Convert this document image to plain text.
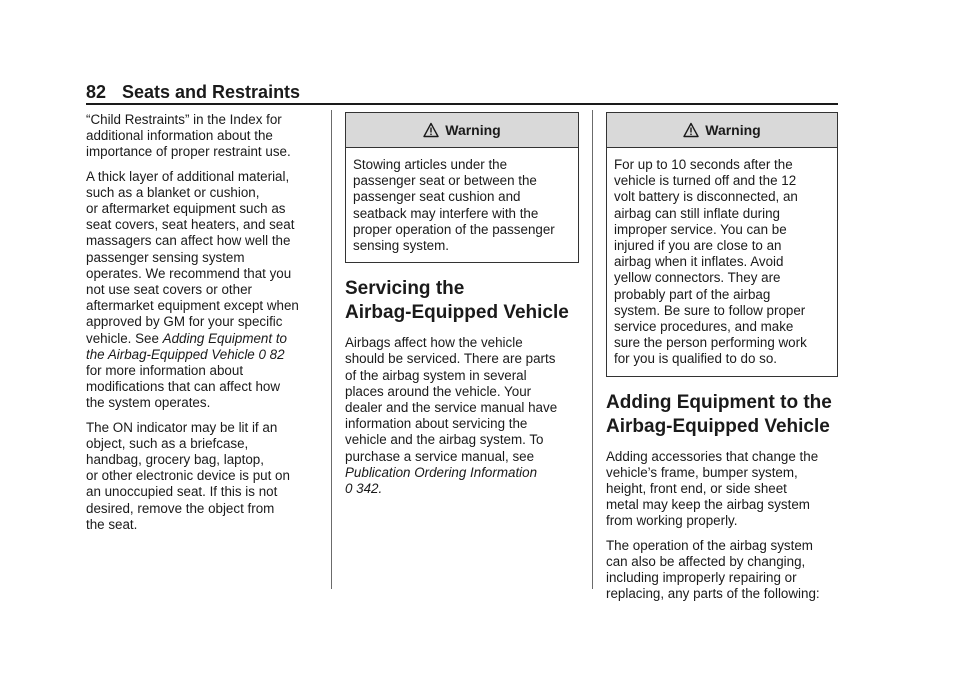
82 Seats and Restraints

“Child Restraints” in the Index for
additional information about the
importance of proper restraint use.

A thick layer of additional material,
such as a blanket or cushion,
or aftermarket equipment such as
seat covers, seat heaters, and seat
massagers can affect how well the
passenger sensing system
operates. We recommend that you
not use seat covers or other
aftermarket equipment except when
approved by GM for your specific
vehicle. See Adding Equipment to
the Airbag-Equipped Vehicle 0 82
for more information about
modifications that can affect how
the system operates.

The ON indicator may be lit if an
object, such as a briefcase,
handbag, grocery bag, laptop,
or other electronic device is put on
an unoccupied seat. If this is not
desired, remove the object from
the seat.

Warning
Stowing articles under the
passenger seat or between the
passenger seat cushion and
seatback may interfere with the
proper operation of the passenger
sensing system.
Servicing the
Airbag-Equipped Vehicle

Airbags affect how the vehicle
should be serviced. There are parts
of the airbag system in several
places around the vehicle. Your
dealer and the service manual have
information about servicing the
vehicle and the airbag system. To
purchase a service manual, see
Publication Ordering Information
0 342.

Warning
For up to 10 seconds after the
vehicle is turned off and the 12
volt battery is disconnected, an
airbag can still inflate during
improper service. You can be
injured if you are close to an
airbag when it inflates. Avoid
yellow connectors. They are
probably part of the airbag
system. Be sure to follow proper
service procedures, and make
sure the person performing work
for you is qualified to do so.
Adding Equipment to the
Airbag-Equipped Vehicle

Adding accessories that change the
vehicle’s frame, bumper system,
height, front end, or side sheet
metal may keep the airbag system
from working properly.

The operation of the airbag system
can also be affected by changing,
including improperly repairing or
replacing, any parts of the following:
